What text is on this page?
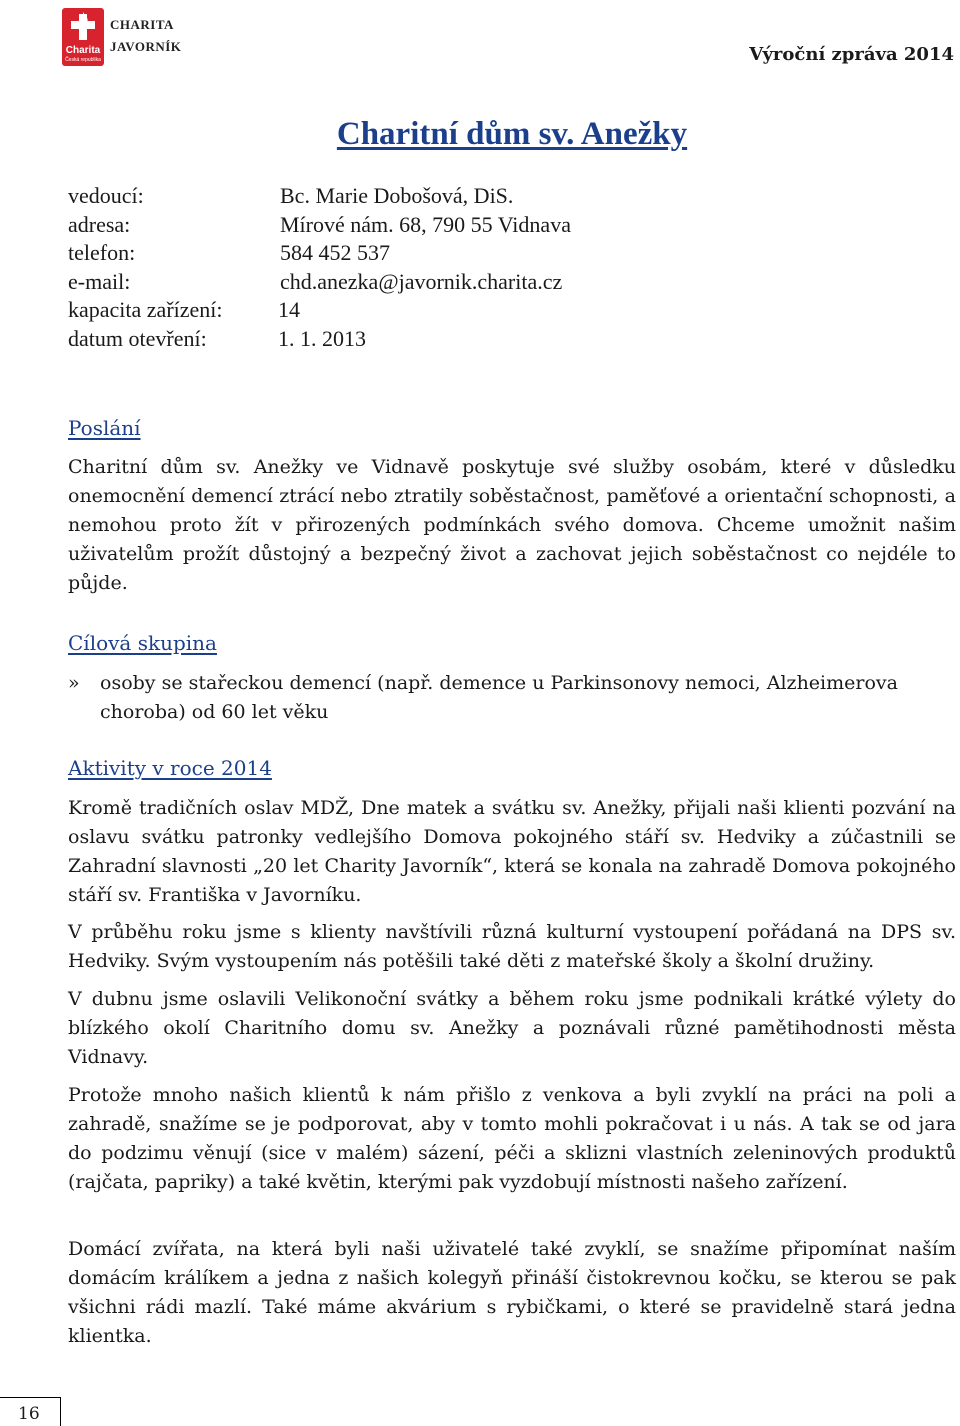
Charita
Česká republika
CHARITA
JAVORNÍK	Výroční zpráva 2014
Charitní dům sv. Anežky
vedoucí:	Bc. Marie Dobošová, DiS.
adresa:	Mírové nám. 68, 790 55 Vidnava
telefon:	584 452 537
e-mail:	chd.anezka@javornik.charita.cz
kapacita zařízení:	14
datum otevření:	1. 1. 2013
Poslání

Charitní dům sv. Anežky ve Vidnavě poskytuje své služby osobám, které v důsledku onemocnění demencí ztrácí nebo ztratily soběstačnost, paměťové a orientační schopnosti, a nemohou proto žít v přirozených podmínkách svého domova. Chceme umožnit našim uživatelům prožít důstojný a bezpečný život a zachovat jejich soběstačnost co nejdéle to půjde.

Cílová skupina
» osoby se stařeckou demencí (např. demence u Parkinsonovy nemoci, Alzheimerova choroba) od 60 let věku

Aktivity v roce 2014

Kromě tradičních oslav MDŽ, Dne matek a svátku sv. Anežky, přijali naši klienti pozvání na oslavu svátku patronky vedlejšího Domova pokojného stáří sv. Hedviky a zúčastnili se Zahradní slavnosti „20 let Charity Javorník“, která se konala na zahradě Domova pokojného stáří sv. Františka v Javorníku.

V průběhu roku jsme s klienty navštívili různá kulturní vystoupení pořádaná na DPS sv. Hedviky. Svým vystoupením nás potěšili také děti z mateřské školy a školní družiny.

V dubnu jsme oslavili Velikonoční svátky a během roku jsme podnikali krátké výlety do blízkého okolí Charitního domu sv. Anežky a poznávali různé pamětihodnosti města Vidnavy.

Protože mnoho našich klientů k nám přišlo z venkova a byli zvyklí na práci na poli a zahradě, snažíme se je podporovat, aby v tomto mohli pokračovat i u nás. A tak se od jara do podzimu věnují (sice v malém) sázení, péči a sklizni vlastních zeleninových produktů (rajčata, papriky) a také květin, kterými pak vyzdobují místnosti našeho zařízení.

Domácí zvířata, na která byli naši uživatelé také zvyklí, se snažíme připomínat naším domácím králíkem a jedna z našich kolegyň přináší čistokrevnou kočku, se kterou se pak všichni rádi mazlí. Také máme akvárium s rybičkami, o které se pravidelně stará jedna klientka.

16
